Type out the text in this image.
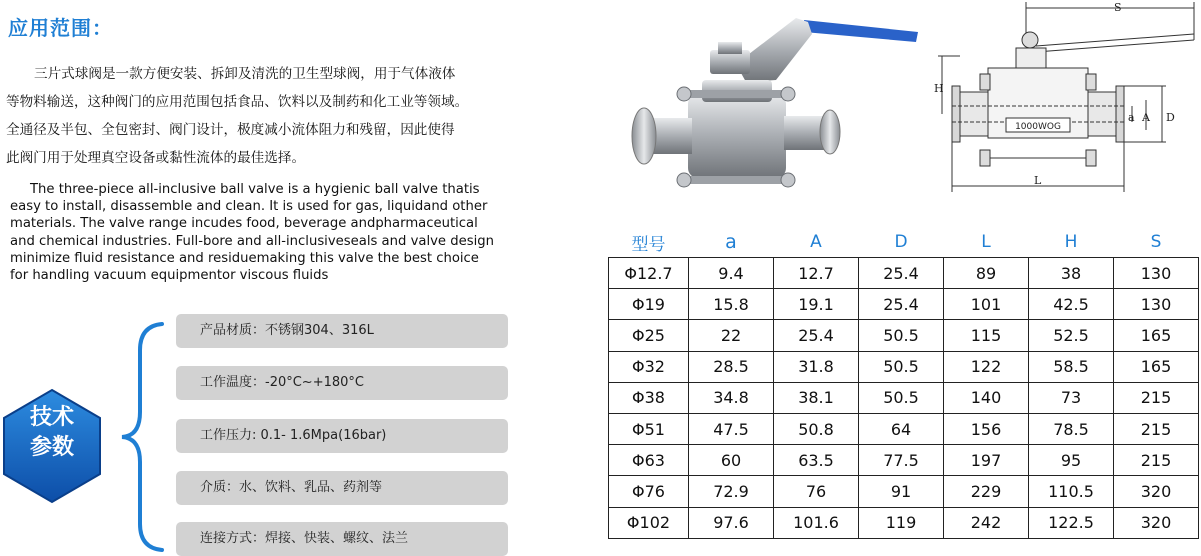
应用范围：

三片式球阀是一款方便安装、拆卸及清洗的卫生型球阀，用于气体液体

等物料输送，这种阀门的应用范围包括食品、饮料以及制药和化工业等领域。

全通径及半包、全包密封、阀门设计，极度减小流体阻力和残留，因此使得

此阀门用于处理真空设备或黏性流体的最佳选择。

The three-piece all-inclusive ball valve is a hygienic ball valve thatis

easy to install, disassemble and clean. It is used for gas, liquidand other

materials. The valve range incudes food, beverage andpharmaceutical

and chemical industries. Full-bore and all-inclusiveseals and valve design

minimize fluid resistance and residuemaking this valve the best choice

for handling vacuum equipmentor viscous fluids

技术
参数
产品材质：不锈钢304、316L
工作温度：-20°C~+180°C
工作压力: 0.1- 1.6Mpa(16bar)
介质：水、饮料、乳品、药剂等
连接方式：焊接、快装、螺纹、法兰
1000WOG
S
H
a A D
L
型号	a	A	D	L	H	S
Φ12.7	9.4	12.7	25.4	89	38	130
Φ19	15.8	19.1	25.4	101	42.5	130
Φ25	22	25.4	50.5	115	52.5	165
Φ32	28.5	31.8	50.5	122	58.5	165
Φ38	34.8	38.1	50.5	140	73	215
Φ51	47.5	50.8	64	156	78.5	215
Φ63	60	63.5	77.5	197	95	215
Φ76	72.9	76	91	229	110.5	320
Φ102	97.6	101.6	119	242	122.5	320
